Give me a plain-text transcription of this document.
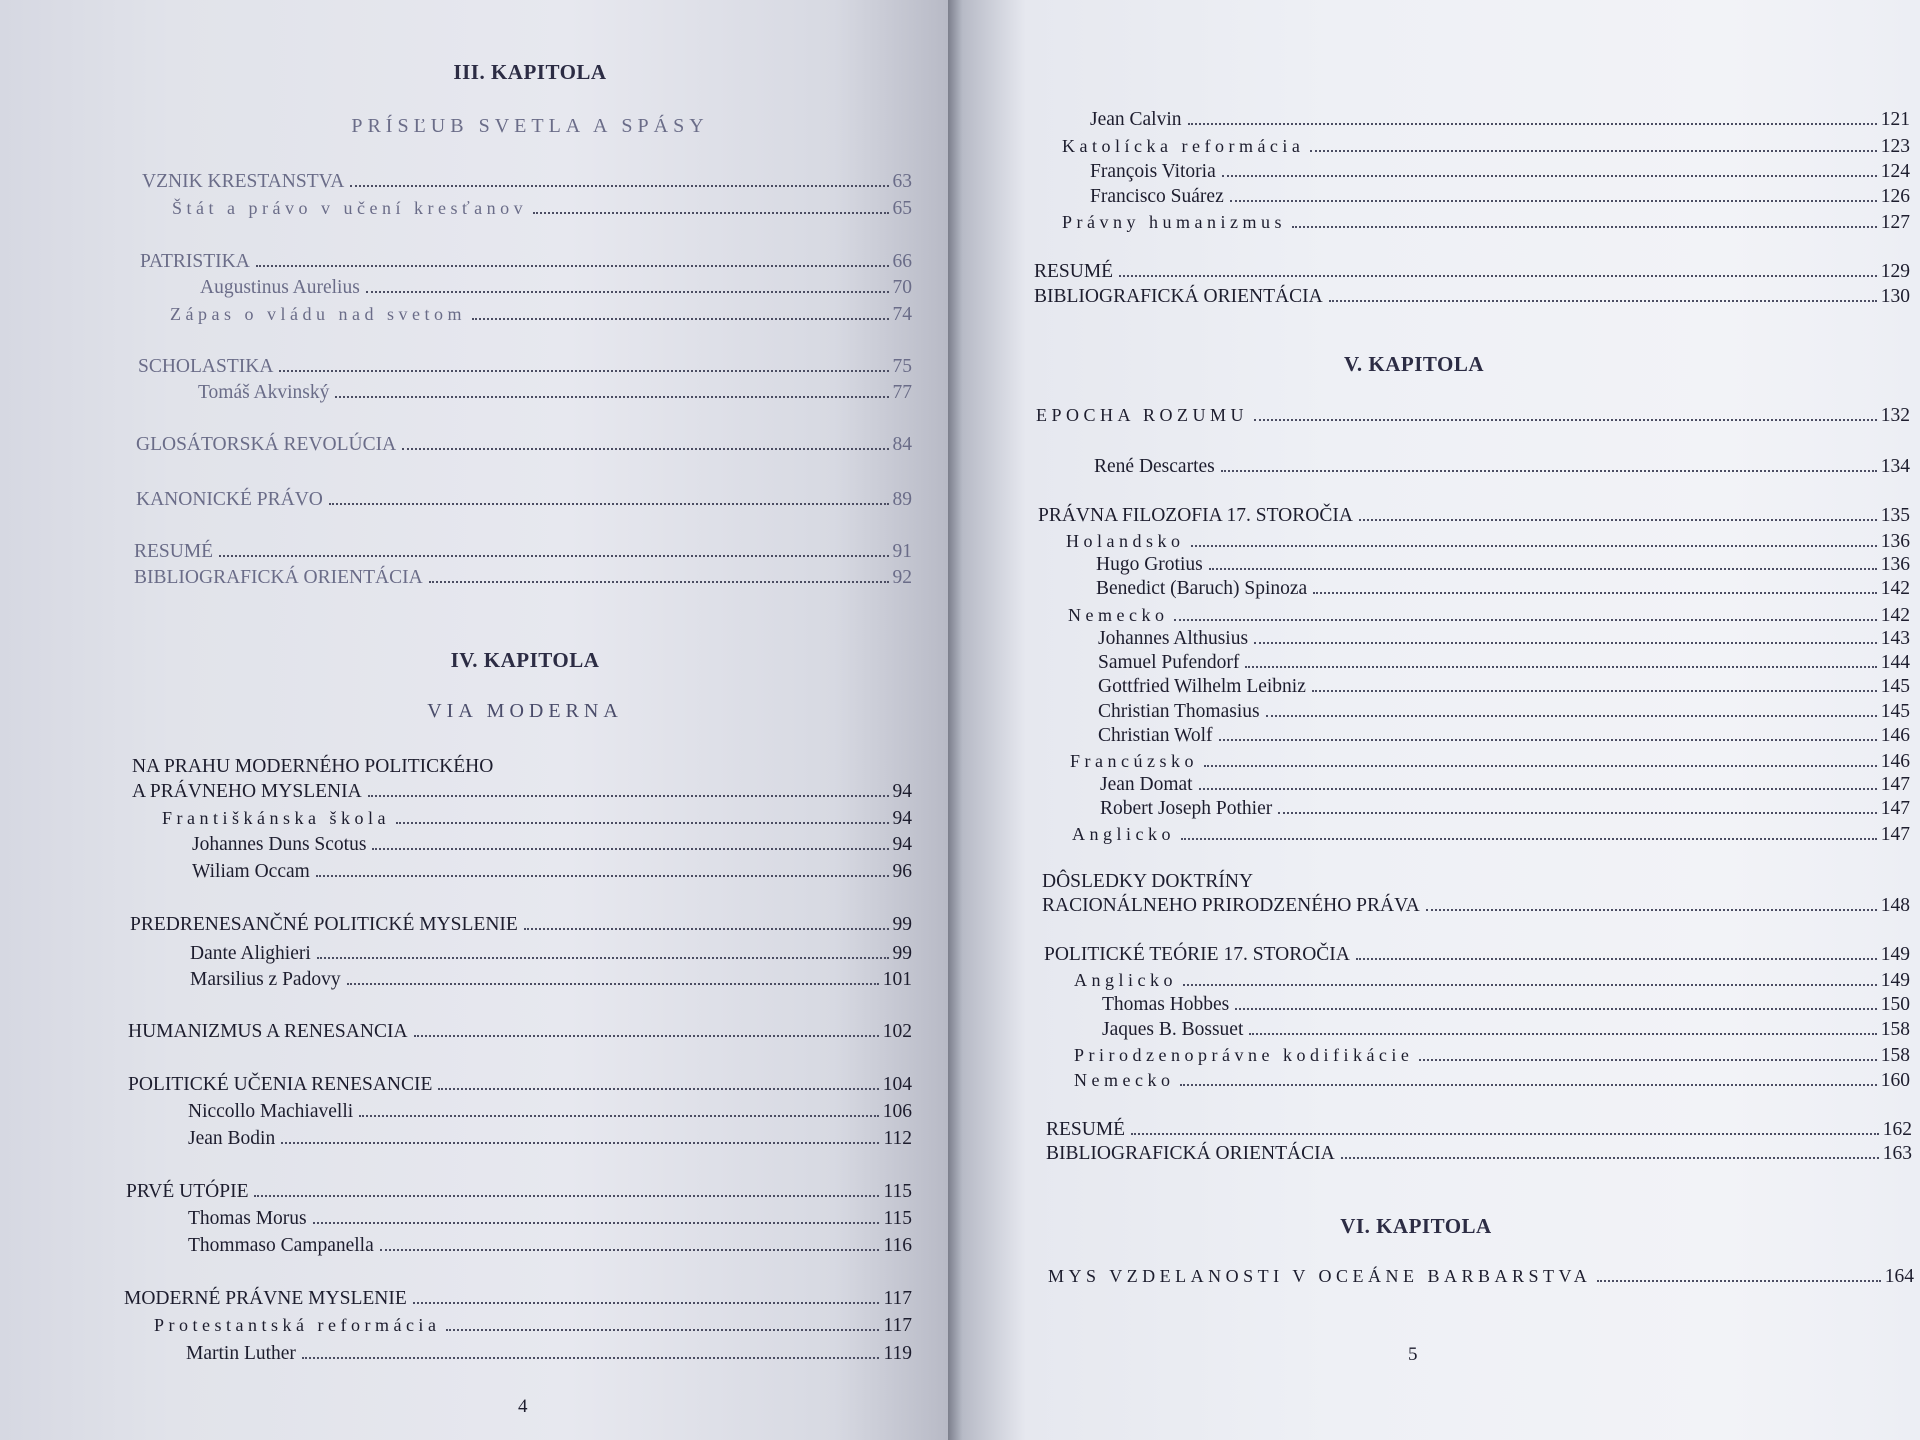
III. KAPITOLA
PRÍSĽUB SVETLA A SPÁSY
VZNIK KRESTANSTVA	63
Štát a právo v učení kresťanov	65
PATRISTIKA	66
Augustinus Aurelius	70
Zápas o vládu nad svetom	74
SCHOLASTIKA	75
Tomáš Akvinský	77
GLOSÁTORSKÁ REVOLÚCIA	84
KANONICKÉ PRÁVO	89
RESUMÉ	91
BIBLIOGRAFICKÁ ORIENTÁCIA	92
IV. KAPITOLA
VIA MODERNA
NA PRAHU MODERNÉHO POLITICKÉHO
A PRÁVNEHO MYSLENIA	94
Františkánska škola	94
Johannes Duns Scotus	94
Wiliam Occam	96
PREDRENESANČNÉ POLITICKÉ MYSLENIE	99
Dante Alighieri	99
Marsilius z Padovy	101
HUMANIZMUS A RENESANCIA	102
POLITICKÉ UČENIA RENESANCIE	104
Niccollo Machiavelli	106
Jean Bodin	112
PRVÉ UTÓPIE	115
Thomas Morus	115
Thommaso Campanella	116
MODERNÉ PRÁVNE MYSLENIE	117
Protestantská reformácia	117
Martin Luther	119
4
Jean Calvin	121
Katolícka reformácia	123
François Vitoria	124
Francisco Suárez	126
Právny humanizmus	127
RESUMÉ	129
BIBLIOGRAFICKÁ ORIENTÁCIA	130
V. KAPITOLA
EPOCHA ROZUMU	132
René Descartes	134
PRÁVNA FILOZOFIA 17. STOROČIA	135
Holandsko	136
Hugo Grotius	136
Benedict (Baruch) Spinoza	142
Nemecko	142
Johannes Althusius	143
Samuel Pufendorf	144
Gottfried Wilhelm Leibniz	145
Christian Thomasius	145
Christian Wolf	146
Francúzsko	146
Jean Domat	147
Robert Joseph Pothier	147
Anglicko	147
DÔSLEDKY DOKTRÍNY
RACIONÁLNEHO PRIRODZENÉHO PRÁVA	148
POLITICKÉ TEÓRIE 17. STOROČIA	149
Anglicko	149
Thomas Hobbes	150
Jaques B. Bossuet	158
Prirodzenoprávne kodifikácie	158
Nemecko	160
RESUMÉ	162
BIBLIOGRAFICKÁ ORIENTÁCIA	163
VI. KAPITOLA
MYS VZDELANOSTI V OCEÁNE BARBARSTVA	164
5
